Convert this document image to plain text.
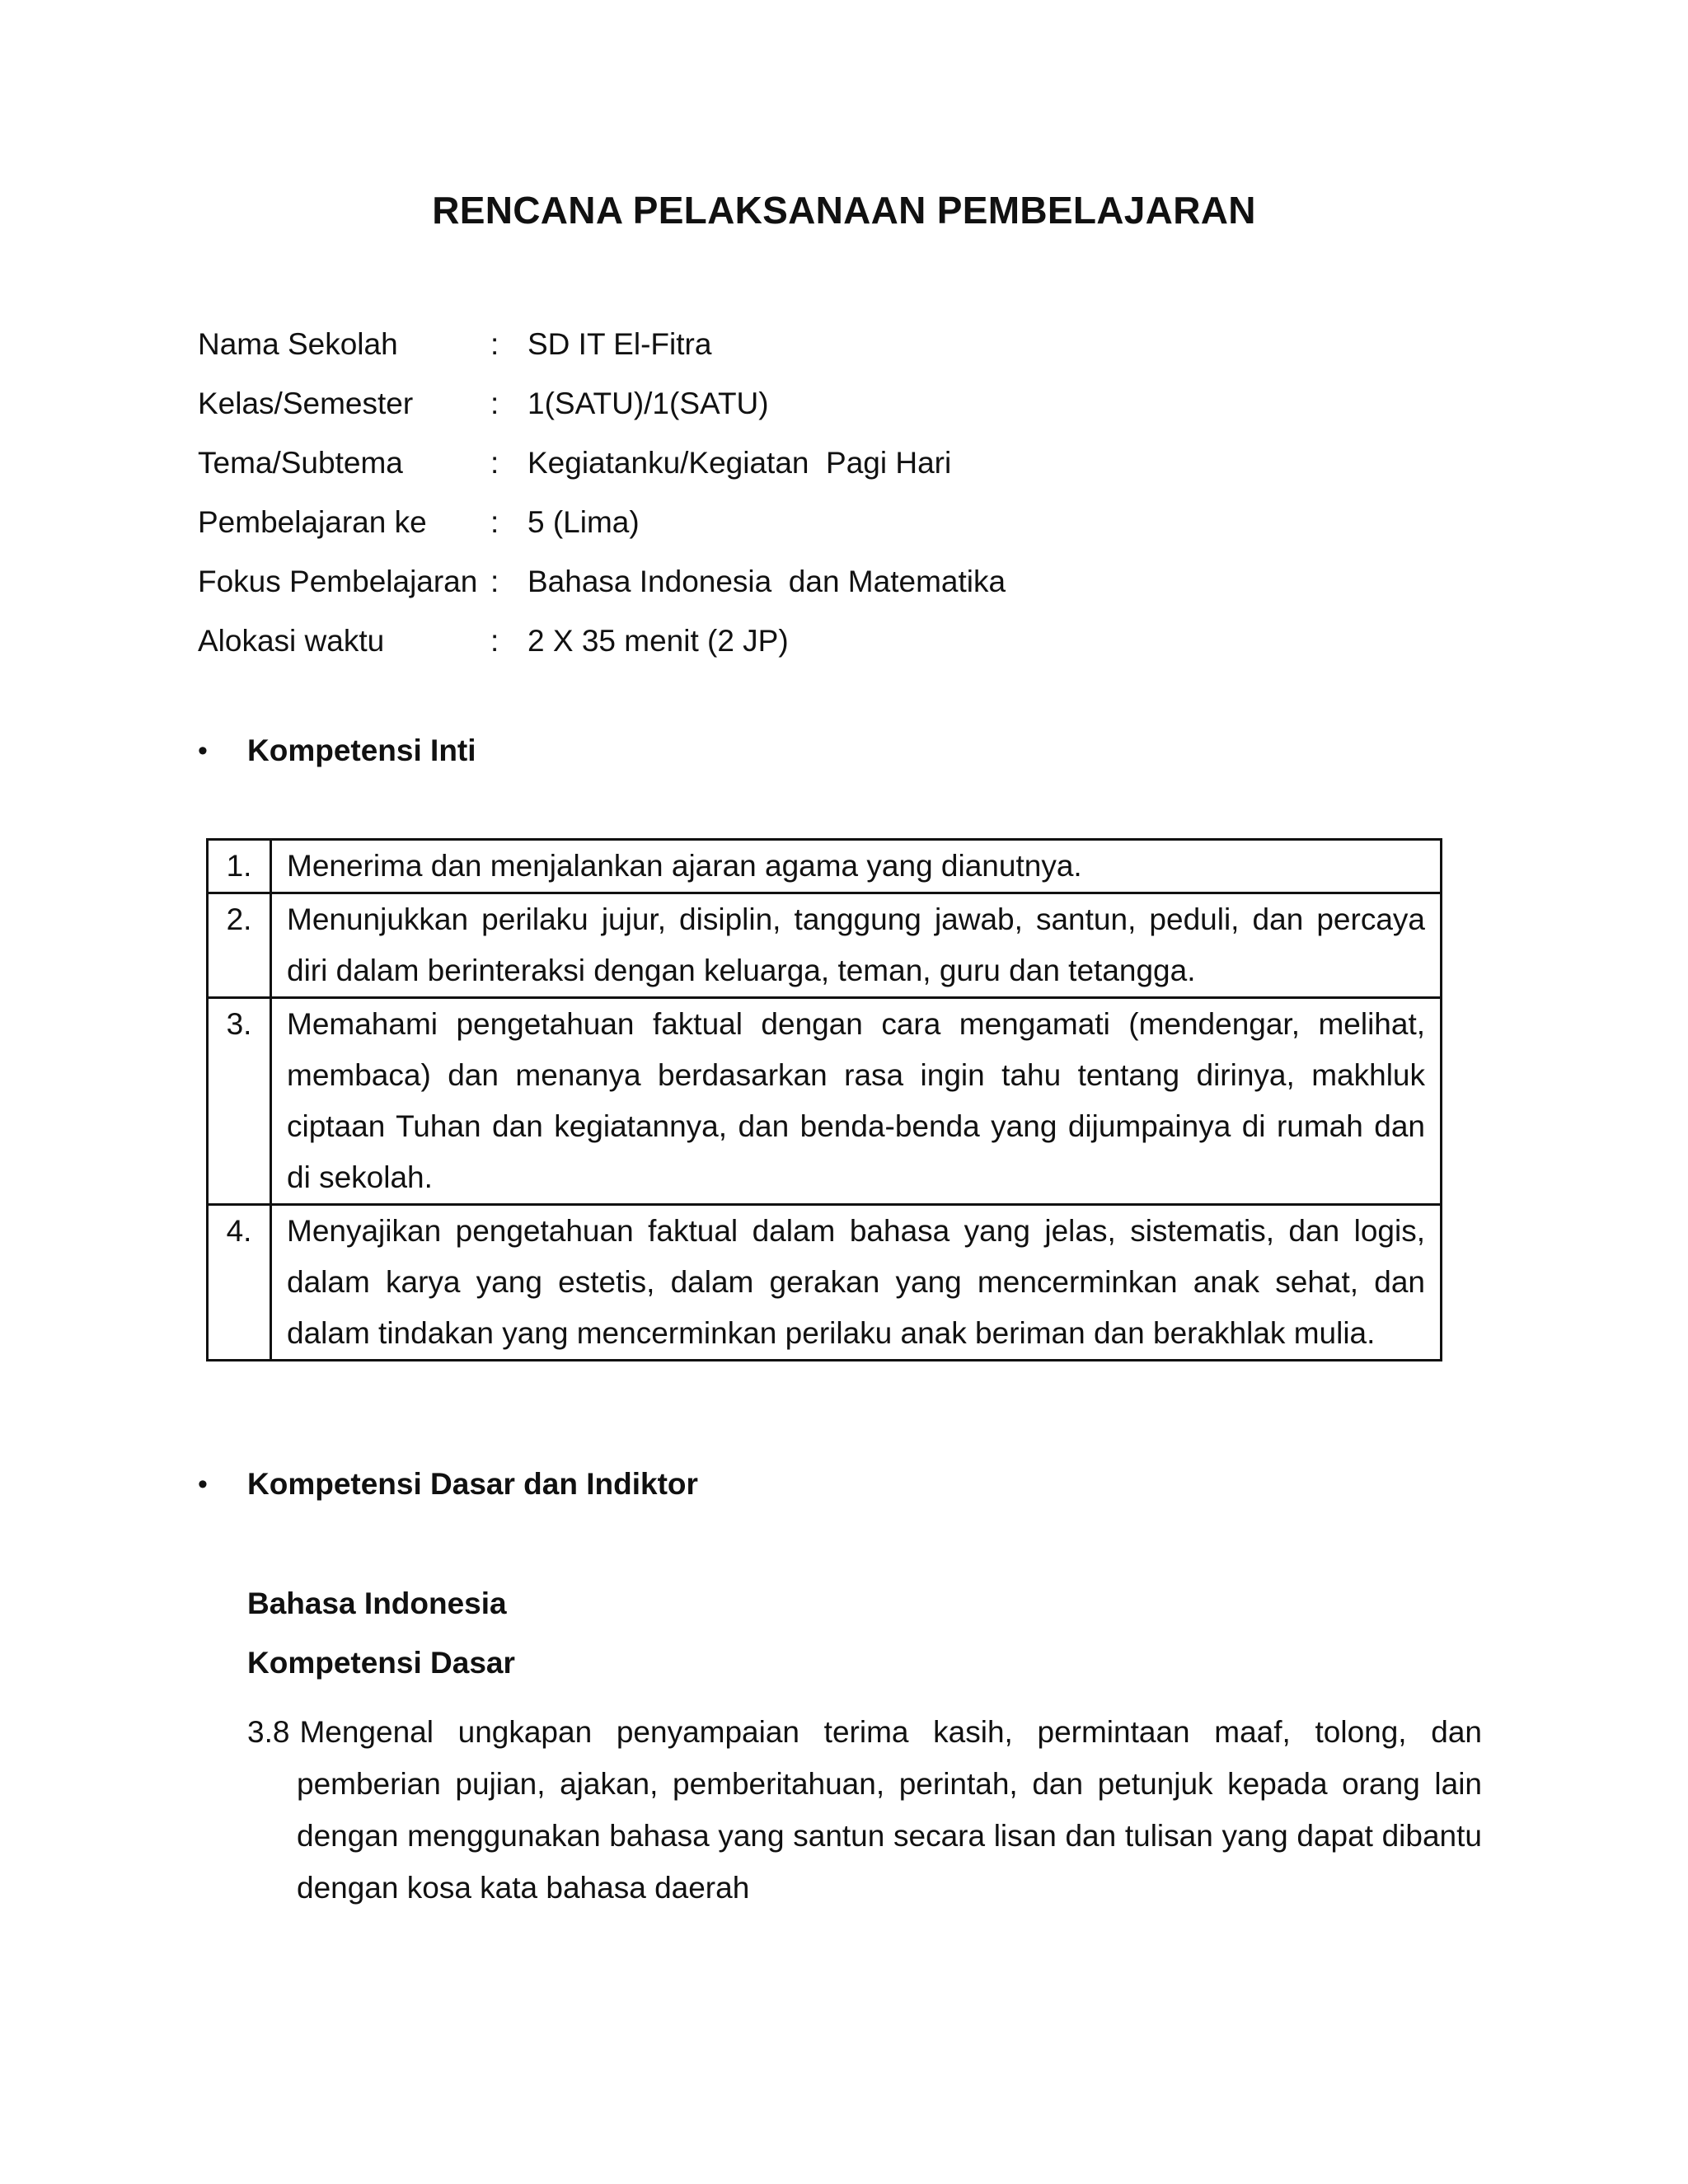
RENCANA PELAKSANAAN PEMBELAJARAN
Nama Sekolah	: SD IT El-Fitra
Kelas/Semester	: 1(SATU)/1(SATU)
Tema/Subtema	: Kegiatanku/Kegiatan  Pagi Hari
Pembelajaran ke	: 5 (Lima)
Fokus Pembelajaran : Bahasa Indonesia  dan Matematika
Alokasi waktu	: 2 X 35 menit (2 JP)
•	Kompetensi Inti
1.	Menerima dan menjalankan ajaran agama yang dianutnya.
2.	Menunjukkan perilaku jujur, disiplin, tanggung jawab, santun, peduli, dan percaya diri dalam berinteraksi dengan keluarga, teman, guru dan tetangga.
3.	Memahami pengetahuan faktual dengan cara mengamati (mendengar, melihat, membaca) dan menanya berdasarkan rasa ingin tahu tentang dirinya, makhluk ciptaan Tuhan dan kegiatannya, dan benda-benda yang dijumpainya di rumah dan di sekolah.
4.	Menyajikan pengetahuan faktual dalam bahasa yang jelas, sistematis, dan logis, dalam karya yang estetis, dalam gerakan yang mencerminkan anak sehat, dan dalam tindakan yang mencerminkan perilaku anak beriman dan berakhlak mulia.
•	Kompetensi Dasar dan Indiktor
Bahasa Indonesia
Kompetensi Dasar
3.8 Mengenal ungkapan penyampaian terima kasih, permintaan maaf, tolong, dan pemberian pujian, ajakan, pemberitahuan, perintah, dan petunjuk kepada orang lain dengan menggunakan bahasa yang santun secara lisan dan tulisan yang dapat dibantu dengan kosa kata bahasa daerah
